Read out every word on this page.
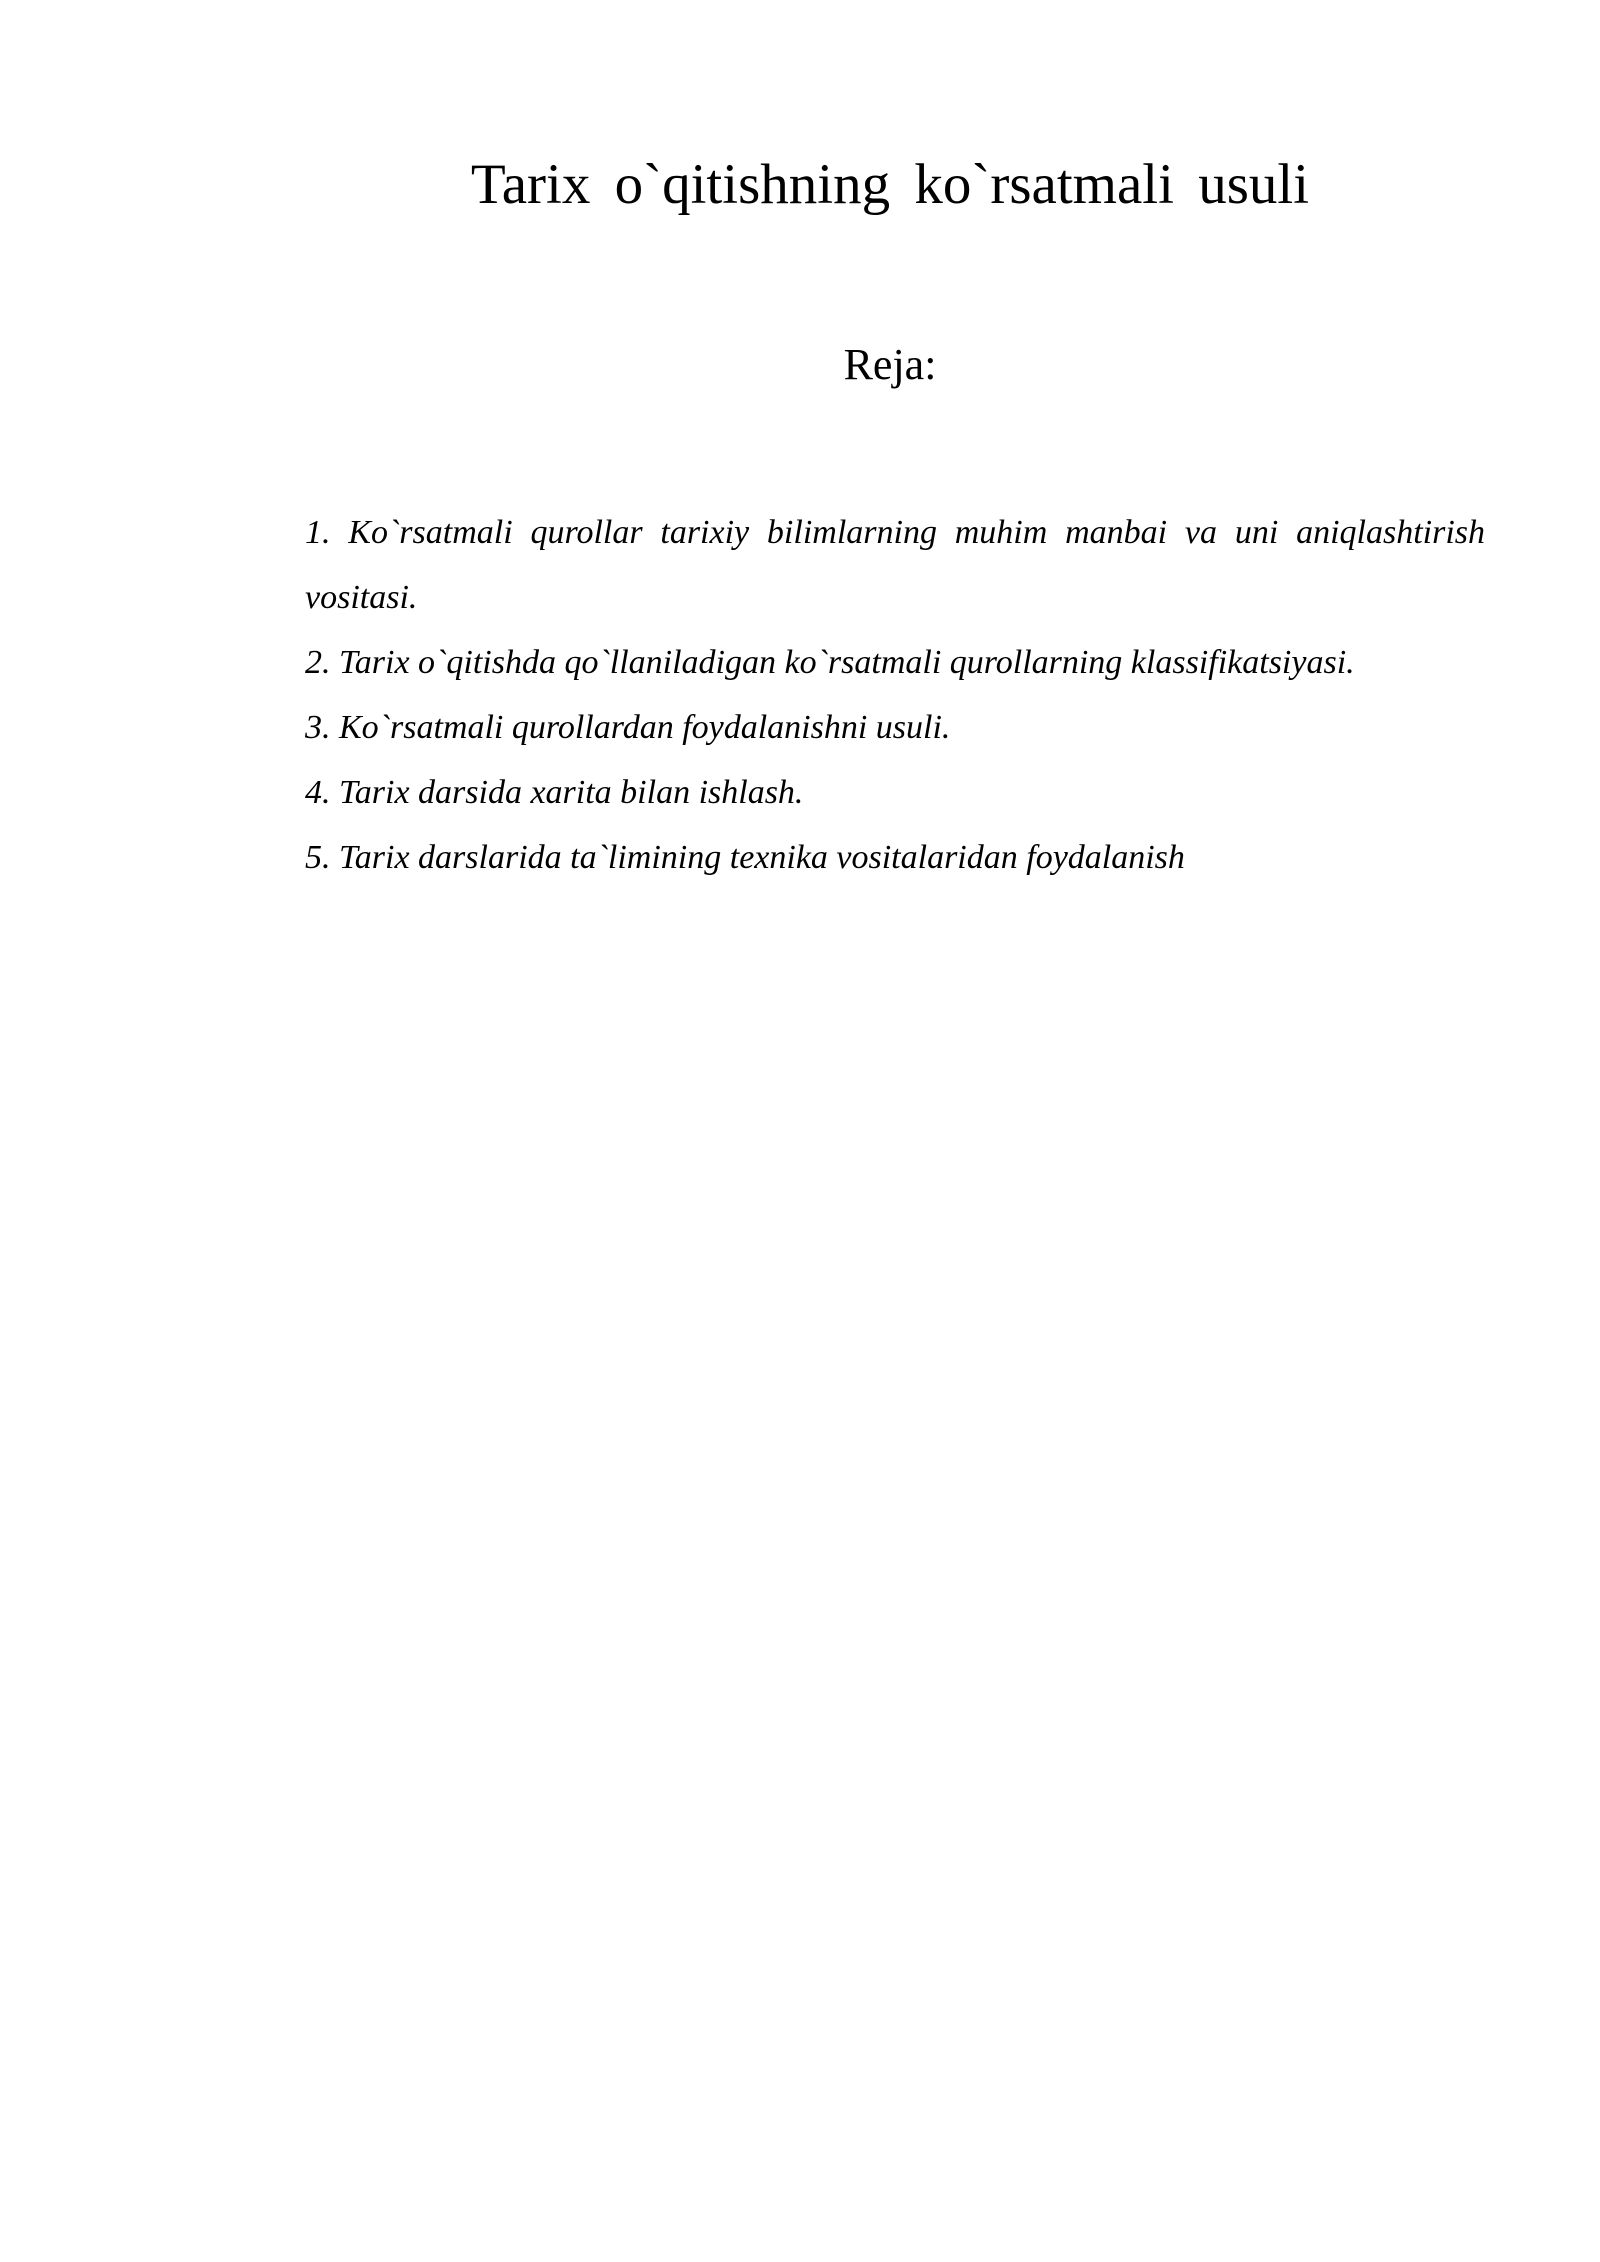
Tarix o`qitishning ko`rsatmali usuli
Reja:
1. Ko`rsatmali qurollar tarixiy bilimlarning muhim manbai va uni aniqlashtirish vositasi.
2. Tarix o`qitishda qo`llaniladigan ko`rsatmali qurollarning klassifikatsiyasi.
3. Ko`rsatmali qurollardan foydalanishni usuli.
4. Tarix darsida xarita bilan ishlash.
5. Tarix darslarida ta`limining texnika vositalaridan foydalanish
